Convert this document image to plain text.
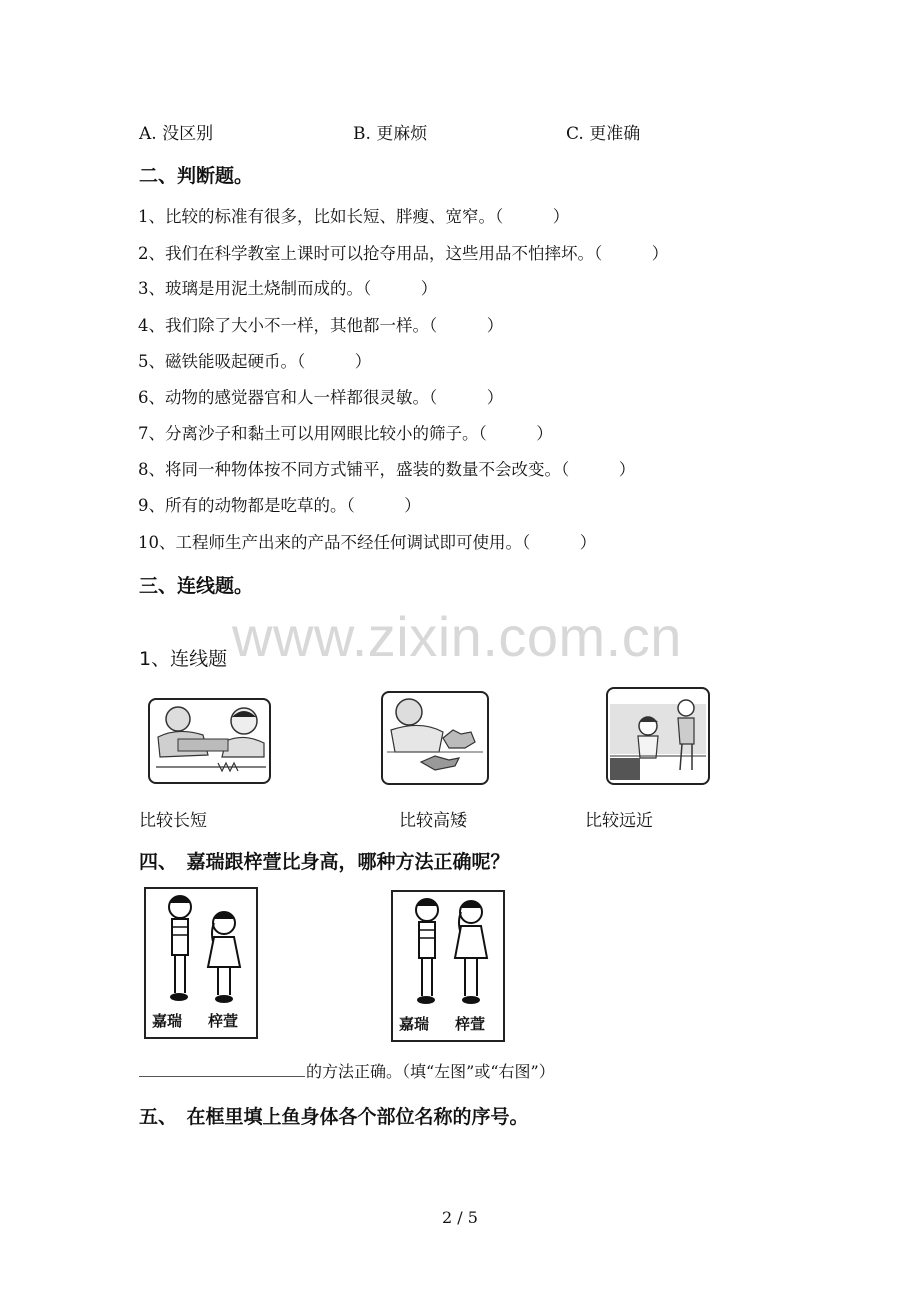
A. 没区别	B. 更麻烦	C. 更准确
二、判断题。
1、比较的标准有很多，比如长短、胖瘦、宽窄。（　　　）
2、我们在科学教室上课时可以抢夺用品，这些用品不怕摔坏。（　　　）
3、玻璃是用泥土烧制而成的。（　　　）
4、我们除了大小不一样，其他都一样。（　　　）
5、磁铁能吸起硬币。（　　　）
6、动物的感觉器官和人一样都很灵敏。（　　　）
7、分离沙子和黏土可以用网眼比较小的筛子。（　　　）
8、将同一种物体按不同方式铺平，盛装的数量不会改变。（　　　）
9、所有的动物都是吃草的。（　　　）
10、工程师生产出来的产品不经任何调试即可使用。（　　　）
三、连线题。
www.zixin.com.cn
1、连线题
比较长短	比较高矮	比较远近
四、　嘉瑞跟梓萱比身高，哪种方法正确呢？
嘉瑞 梓萱	嘉瑞 梓萱
的方法正确。（填“左图”或“右图”）
五、　在框里填上鱼身体各个部位名称的序号。
2 / 5
